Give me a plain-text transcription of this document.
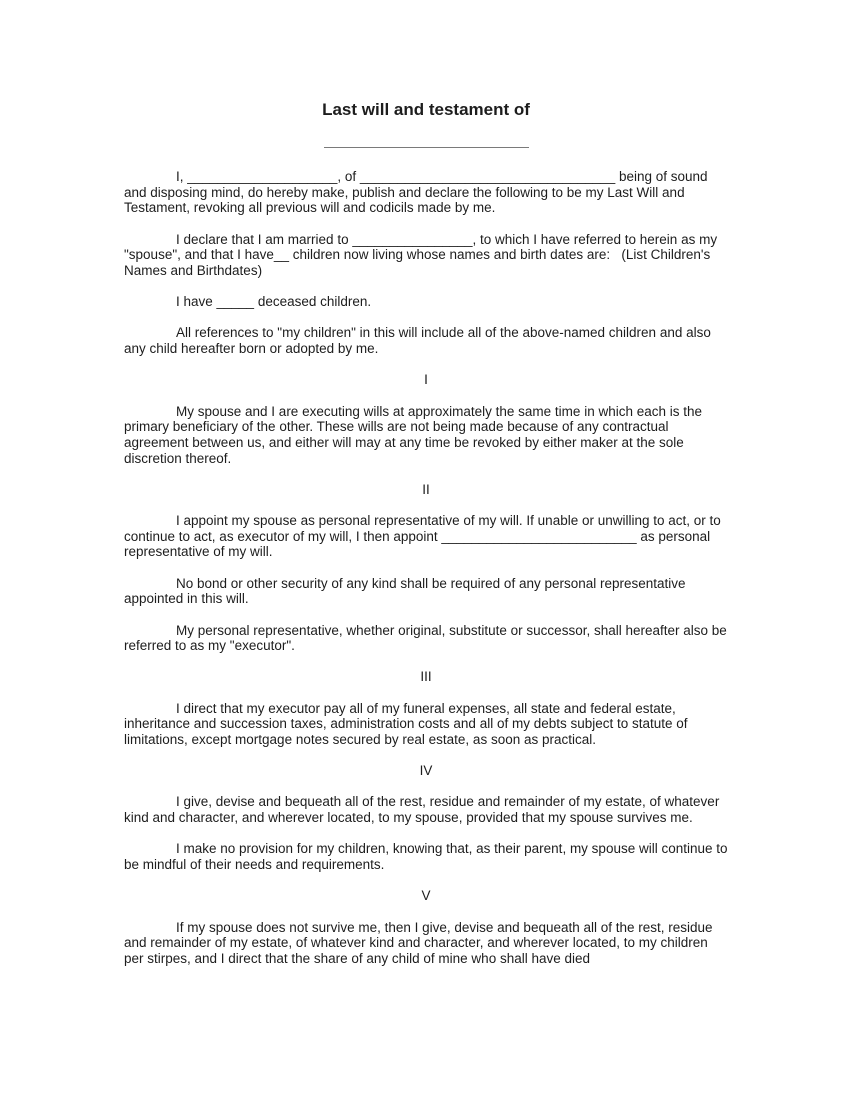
Last will and testament of
I, ____________________, of __________________________________ being of sound and disposing mind, do hereby make, publish and declare the following to be my Last Will and Testament, revoking all previous will and codicils made by me.
I declare that I am married to ________________, to which I have referred to herein as my "spouse", and that I have__ children now living whose names and birth dates are:   (List Children's Names and Birthdates)
I have _____ deceased children.
All references to "my children" in this will include all of the above-named children and also any child hereafter born or adopted by me.
I
My spouse and I are executing wills at approximately the same time in which each is the primary beneficiary of the other. These wills are not being made because of any contractual agreement between us, and either will may at any time be revoked by either maker at the sole discretion thereof.
II
I appoint my spouse as personal representative of my will. If unable or unwilling to act, or to continue to act, as executor of my will, I then appoint __________________________ as personal representative of my will.
No bond or other security of any kind shall be required of any personal representative appointed in this will.
My personal representative, whether original, substitute or successor, shall hereafter also be referred to as my "executor".
III
I direct that my executor pay all of my funeral expenses, all state and federal estate, inheritance and succession taxes, administration costs and all of my debts subject to statute of limitations, except mortgage notes secured by real estate, as soon as practical.
IV
I give, devise and bequeath all of the rest, residue and remainder of my estate, of whatever kind and character, and wherever located, to my spouse, provided that my spouse survives me.
I make no provision for my children, knowing that, as their parent, my spouse will continue to be mindful of their needs and requirements.
V
If my spouse does not survive me, then I give, devise and bequeath all of the rest, residue and remainder of my estate, of whatever kind and character, and wherever located, to my children per stirpes, and I direct that the share of any child of mine who shall have died
